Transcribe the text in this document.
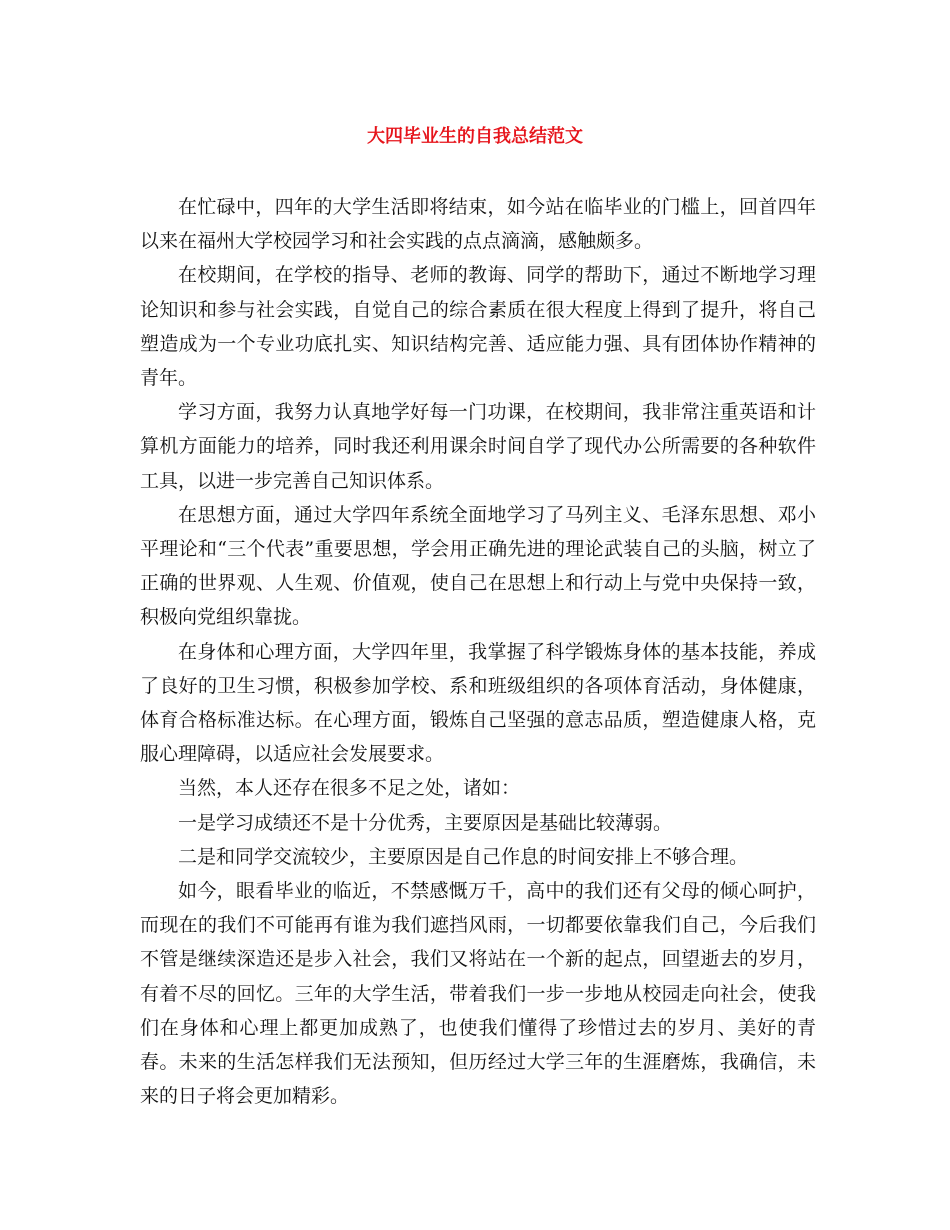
大四毕业生的自我总结范文

在忙碌中，四年的大学生活即将结束，如今站在临毕业的门槛上，回首四年以来在福州大学校园学习和社会实践的点点滴滴，感触颇多。

在校期间，在学校的指导、老师的教诲、同学的帮助下，通过不断地学习理论知识和参与社会实践，自觉自己的综合素质在很大程度上得到了提升，将自己塑造成为一个专业功底扎实、知识结构完善、适应能力强、具有团体协作精神的青年。

学习方面，我努力认真地学好每一门功课，在校期间，我非常注重英语和计算机方面能力的培养，同时我还利用课余时间自学了现代办公所需要的各种软件工具，以进一步完善自己知识体系。

在思想方面，通过大学四年系统全面地学习了马列主义、毛泽东思想、邓小平理论和“三个代表”重要思想，学会用正确先进的理论武装自己的头脑，树立了正确的世界观、人生观、价值观，使自己在思想上和行动上与党中央保持一致，积极向党组织靠拢。

在身体和心理方面，大学四年里，我掌握了科学锻炼身体的基本技能，养成了良好的卫生习惯，积极参加学校、系和班级组织的各项体育活动，身体健康，体育合格标准达标。在心理方面，锻炼自己坚强的意志品质，塑造健康人格，克服心理障碍，以适应社会发展要求。

当然，本人还存在很多不足之处，诸如：

一是学习成绩还不是十分优秀，主要原因是基础比较薄弱。

二是和同学交流较少，主要原因是自己作息的时间安排上不够合理。

如今，眼看毕业的临近，不禁感慨万千，高中的我们还有父母的倾心呵护，而现在的我们不可能再有谁为我们遮挡风雨，一切都要依靠我们自己，今后我们不管是继续深造还是步入社会，我们又将站在一个新的起点，回望逝去的岁月，有着不尽的回忆。三年的大学生活，带着我们一步一步地从校园走向社会，使我们在身体和心理上都更加成熟了，也使我们懂得了珍惜过去的岁月、美好的青春。未来的生活怎样我们无法预知，但历经过大学三年的生涯磨炼，我确信，未来的日子将会更加精彩。
